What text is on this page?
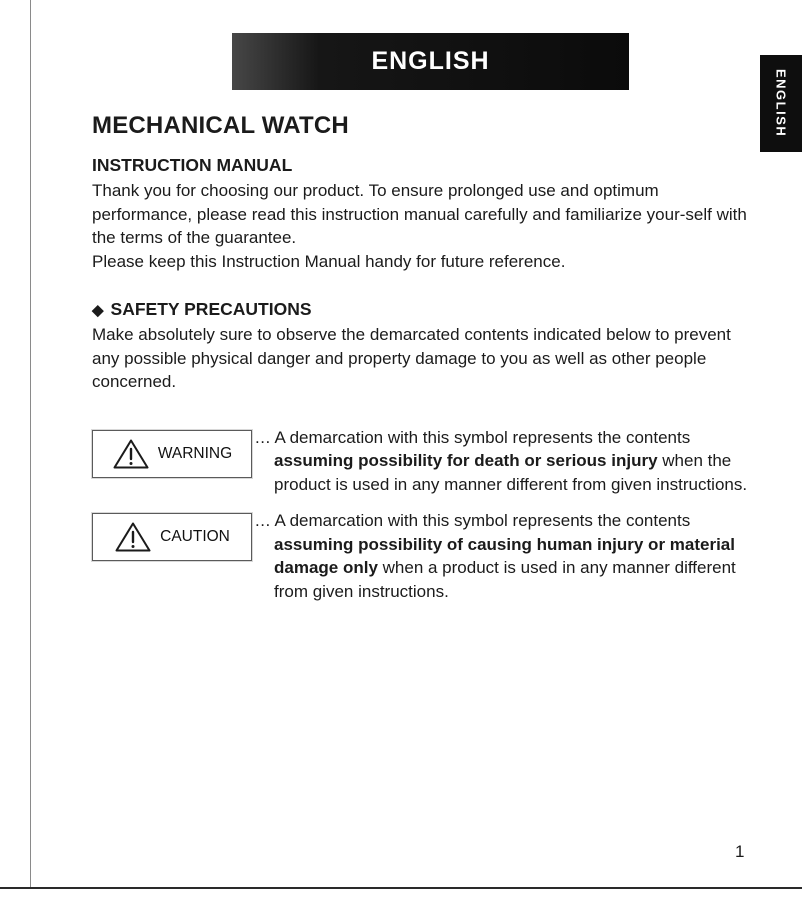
ENGLISH
ENGLISH
MECHANICAL WATCH
INSTRUCTION MANUAL

Thank you for choosing our product. To ensure prolonged use and optimum performance, please read this instruction manual carefully and familiarize your-self with the terms of the guarantee.

Please keep this Instruction Manual handy for future reference.

◆ SAFETY PRECAUTIONS

Make absolutely sure to observe the demarcated contents indicated below to prevent any possible physical danger and property damage to you as well as other people concerned.

WARNING
... A demarcation with this symbol represents the contents assuming possibility for death or serious injury when the product is used in any manner different from given instructions.
CAUTION
... A demarcation with this symbol represents the contents assuming possibility of causing human injury or material damage only when a product is used in any manner different from given instructions.
1
